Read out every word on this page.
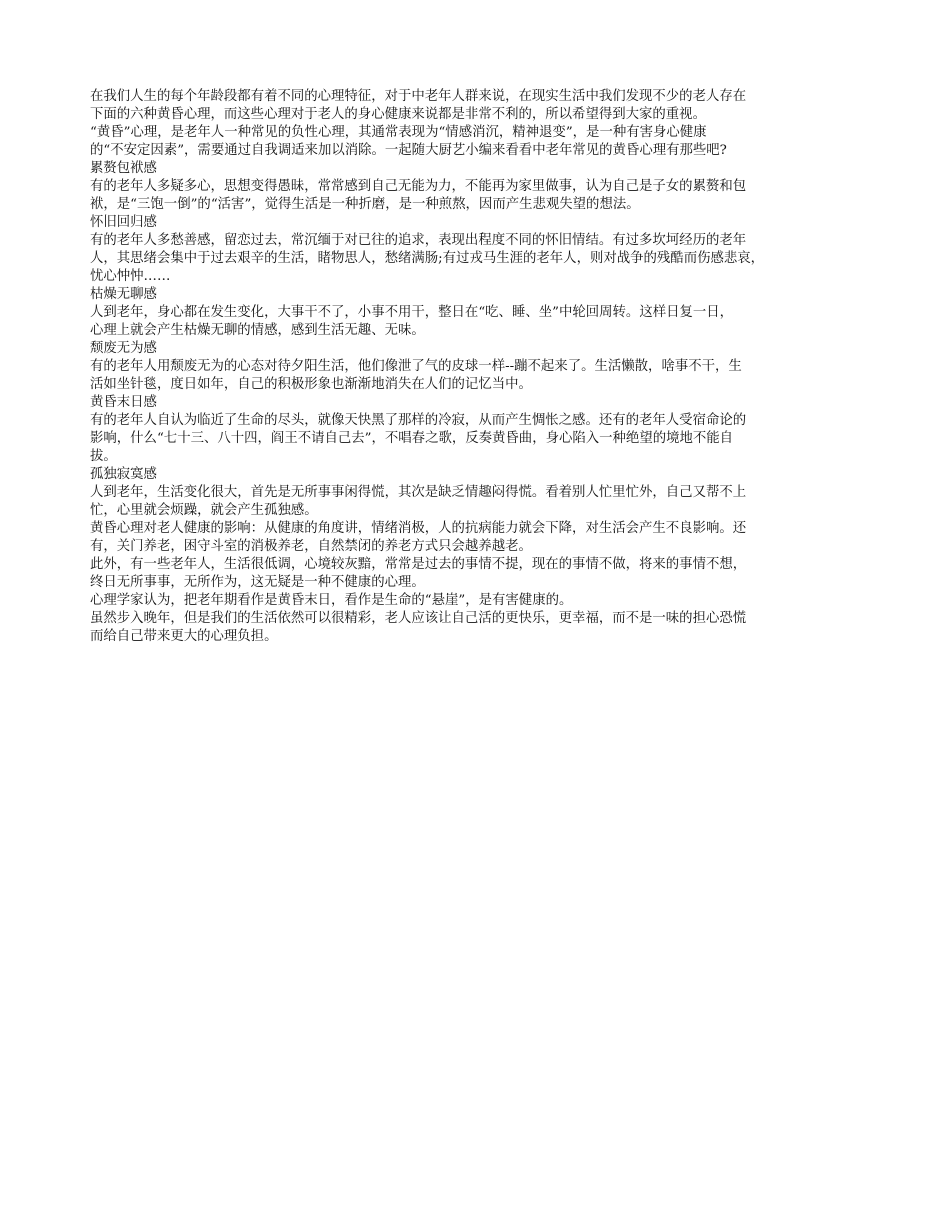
在我们人生的每个年龄段都有着不同的心理特征，对于中老年人群来说，在现实生活中我们发现不少的老人存在
下面的六种黄昏心理，而这些心理对于老人的身心健康来说都是非常不利的，所以希望得到大家的重视。
“黄昏”心理，是老年人一种常见的负性心理，其通常表现为“情感消沉，精神退变”，是一种有害身心健康
的“不安定因素”，需要通过自我调适来加以消除。一起随大厨艺小编来看看中老年常见的黄昏心理有那些吧?
累赘包袱感
有的老年人多疑多心，思想变得愚昧，常常感到自己无能为力，不能再为家里做事，认为自己是子女的累赘和包
袱，是“三饱一倒”的“活害”，觉得生活是一种折磨，是一种煎熬，因而产生悲观失望的想法。
怀旧回归感
有的老年人多愁善感，留恋过去，常沉缅于对已往的追求，表现出程度不同的怀旧情结。有过多坎坷经历的老年
人，其思绪会集中于过去艰辛的生活，睹物思人，愁绪满肠;有过戎马生涯的老年人，则对战争的残酷而伤感悲哀，
忧心忡忡……
枯燥无聊感
人到老年，身心都在发生变化，大事干不了，小事不用干，整日在“吃、睡、坐”中轮回周转。这样日复一日，
心理上就会产生枯燥无聊的情感，感到生活无趣、无味。
颓废无为感
有的老年人用颓废无为的心态对待夕阳生活，他们像泄了气的皮球一样--蹦不起来了。生活懒散，啥事不干，生
活如坐针毯，度日如年，自己的积极形象也渐渐地消失在人们的记忆当中。
黄昏末日感
有的老年人自认为临近了生命的尽头，就像天快黑了那样的冷寂，从而产生惆怅之感。还有的老年人受宿命论的
影响，什么“七十三、八十四，阎王不请自己去”，不唱春之歌，反奏黄昏曲，身心陷入一种绝望的境地不能自
拔。
孤独寂寞感
人到老年，生活变化很大，首先是无所事事闲得慌，其次是缺乏情趣闷得慌。看着别人忙里忙外，自己又帮不上
忙，心里就会烦躁，就会产生孤独感。
黄昏心理对老人健康的影响：从健康的角度讲，情绪消极，人的抗病能力就会下降，对生活会产生不良影响。还
有，关门养老，困守斗室的消极养老，自然禁闭的养老方式只会越养越老。
此外，有一些老年人，生活很低调，心境较灰黯，常常是过去的事情不提，现在的事情不做，将来的事情不想，
终日无所事事，无所作为，这无疑是一种不健康的心理。
心理学家认为，把老年期看作是黄昏末日，看作是生命的“悬崖”，是有害健康的。
虽然步入晚年，但是我们的生活依然可以很精彩，老人应该让自己活的更快乐，更幸福，而不是一味的担心恐慌
而给自己带来更大的心理负担。
